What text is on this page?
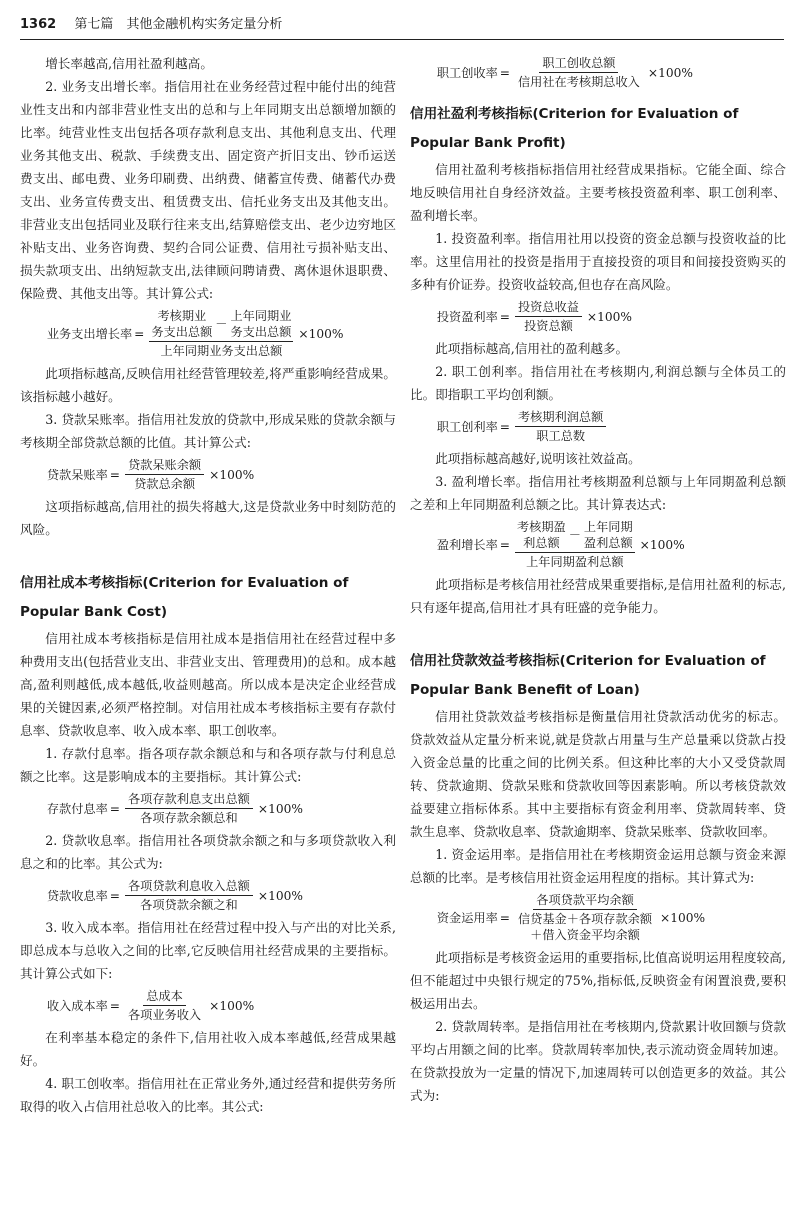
1362 第七篇　其他金融机构实务定量分析

增长率越高,信用社盈利越高。

2. 业务支出增长率。指信用社在业务经营过程中能付出的纯营业性支出和内部非营业性支出的总和与上年同期支出总额增加额的比率。纯营业性支出包括各项存款利息支出、其他利息支出、代理业务其他支出、税款、手续费支出、固定资产折旧支出、钞币运送费支出、邮电费、业务印刷费、出纳费、储蓄宣传费、储蓄代办费支出、业务宣传费支出、租赁费支出、信托业务支出及其他支出。非营业支出包括同业及联行往来支出,结算赔偿支出、老少边穷地区补贴支出、业务咨询费、契约合同公证费、信用社亏损补贴支出、损失款项支出、出纳短款支出,法律顾问聘请费、离休退休退职费、保险费、其他支出等。其计算公式:

业务支出增长率 =
考核期业
务支出总额
－
上年同期业
务支出总额
上年同期业务支出总额
×100%

此项指标越高,反映信用社经营管理较差,将严重影响经营成果。该指标越小越好。

3. 贷款呆账率。指信用社发放的贷款中,形成呆账的贷款余额与考核期全部贷款总额的比值。其计算公式:

贷款呆账率 = $\frac{\text{贷款呆账余额}}{\text{贷款总余额}} \times 100\%$

这项指标越高,信用社的损失将越大,这是贷款业务中时刻防范的风险。

信用社成本考核指标(Criterion for Evaluation of Popular Bank Cost)

信用社成本考核指标是信用社成本是指信用社在经营过程中多种费用支出(包括营业支出、非营业支出、管理费用)的总和。成本越高,盈利则越低,成本越低,收益则越高。所以成本是决定企业经营成果的关键因素,必须严格控制。对信用社成本考核指标主要有存款付息率、贷款收息率、收入成本率、职工创收率。

1. 存款付息率。指各项存款余额总和与和各项存款与付利息总额之比率。这是影响成本的主要指标。其计算公式:

存款付息率 = $\frac{\text{各项存款利息支出总额}}{\text{各项存款余额总和}} \times 100\%$

2. 贷款收息率。指信用社各项贷款余额之和与多项贷款收入利息之和的比率。其公式为:

贷款收息率 = $\frac{\text{各项贷款利息收入总额}}{\text{各项贷款余额之和}} \times 100\%$

3. 收入成本率。指信用社在经营过程中投入与产出的对比关系,即总成本与总收入之间的比率,它反映信用社经营成果的主要指标。其计算公式如下:

收入成本率 = $\frac{\text{总成本}}{\text{各项业务收入}} \times 100\%$

在利率基本稳定的条件下,信用社收入成本率越低,经营成果越好。

4. 职工创收率。指信用社在正常业务外,通过经营和提供劳务所取得的收入占信用社总收入的比率。其公式:

职工创收率 = $\frac{\text{职工创收总额}}{\text{信用社在考核期总收入}} \times 100\%$
信用社盈利考核指标(Criterion for Evaluation of Popular Bank Profit)

信用社盈利考核指标指信用社经营成果指标。它能全面、综合地反映信用社自身经济效益。主要考核投资盈利率、职工创利率、盈利增长率。

1. 投资盈利率。指信用社用以投资的资金总额与投资收益的比率。这里信用社的投资是指用于直接投资的项目和间接投资购买的多种有价证券。投资收益较高,但也存在高风险。

投资盈利率 = $\frac{\text{投资总收益}}{\text{投资总额}} \times 100\%$

此项指标越高,信用社的盈利越多。

2. 职工创利率。指信用社在考核期内,利润总额与全体员工的比。即指职工平均创利额。

职工创利率 = $\frac{\text{考核期利润总额}}{\text{职工总数}}$

此项指标越高越好,说明该社效益高。

3. 盈利增长率。指信用社考核期盈利总额与上年同期盈利总额之差和上年同期盈利总额之比。其计算表达式:

盈利增长率 =
考核期盈
利总额
－
上年同期
盈利总额
上年同期盈利总额
×100%

此项指标是考核信用社经营成果重要指标,是信用社盈利的标志,只有逐年提高,信用社才具有旺盛的竞争能力。

信用社贷款效益考核指标(Criterion for Evaluation of Popular Bank Benefit of Loan)

信用社贷款效益考核指标是衡量信用社贷款活动优劣的标志。贷款效益从定量分析来说,就是贷款占用量与生产总量乘以贷款占投入资金总量的比重之间的比例关系。但这种比率的大小又受贷款周转、贷款逾期、贷款呆账和贷款收回等因素影响。所以考核贷款效益要建立指标体系。其中主要指标有资金利用率、贷款周转率、贷款生息率、贷款收息率、贷款逾期率、贷款呆账率、贷款收回率。

1. 资金运用率。是指信用社在考核期资金运用总额与资金来源总额的比率。是考核信用社资金运用程度的指标。其计算式为:

资金运用率 =
各项贷款平均余额
信贷基金＋各项存款余额
＋借入资金平均余额
×100%

此项指标是考核资金运用的重要指标,比值高说明运用程度较高,但不能超过中央银行规定的75%,指标低,反映资金有闲置浪费,要积极运用出去。

2. 贷款周转率。是指信用社在考核期内,贷款累计收回额与贷款平均占用额之间的比率。贷款周转率加快,表示流动资金周转加速。在贷款投放为一定量的情况下,加速周转可以创造更多的效益。其公式为:
